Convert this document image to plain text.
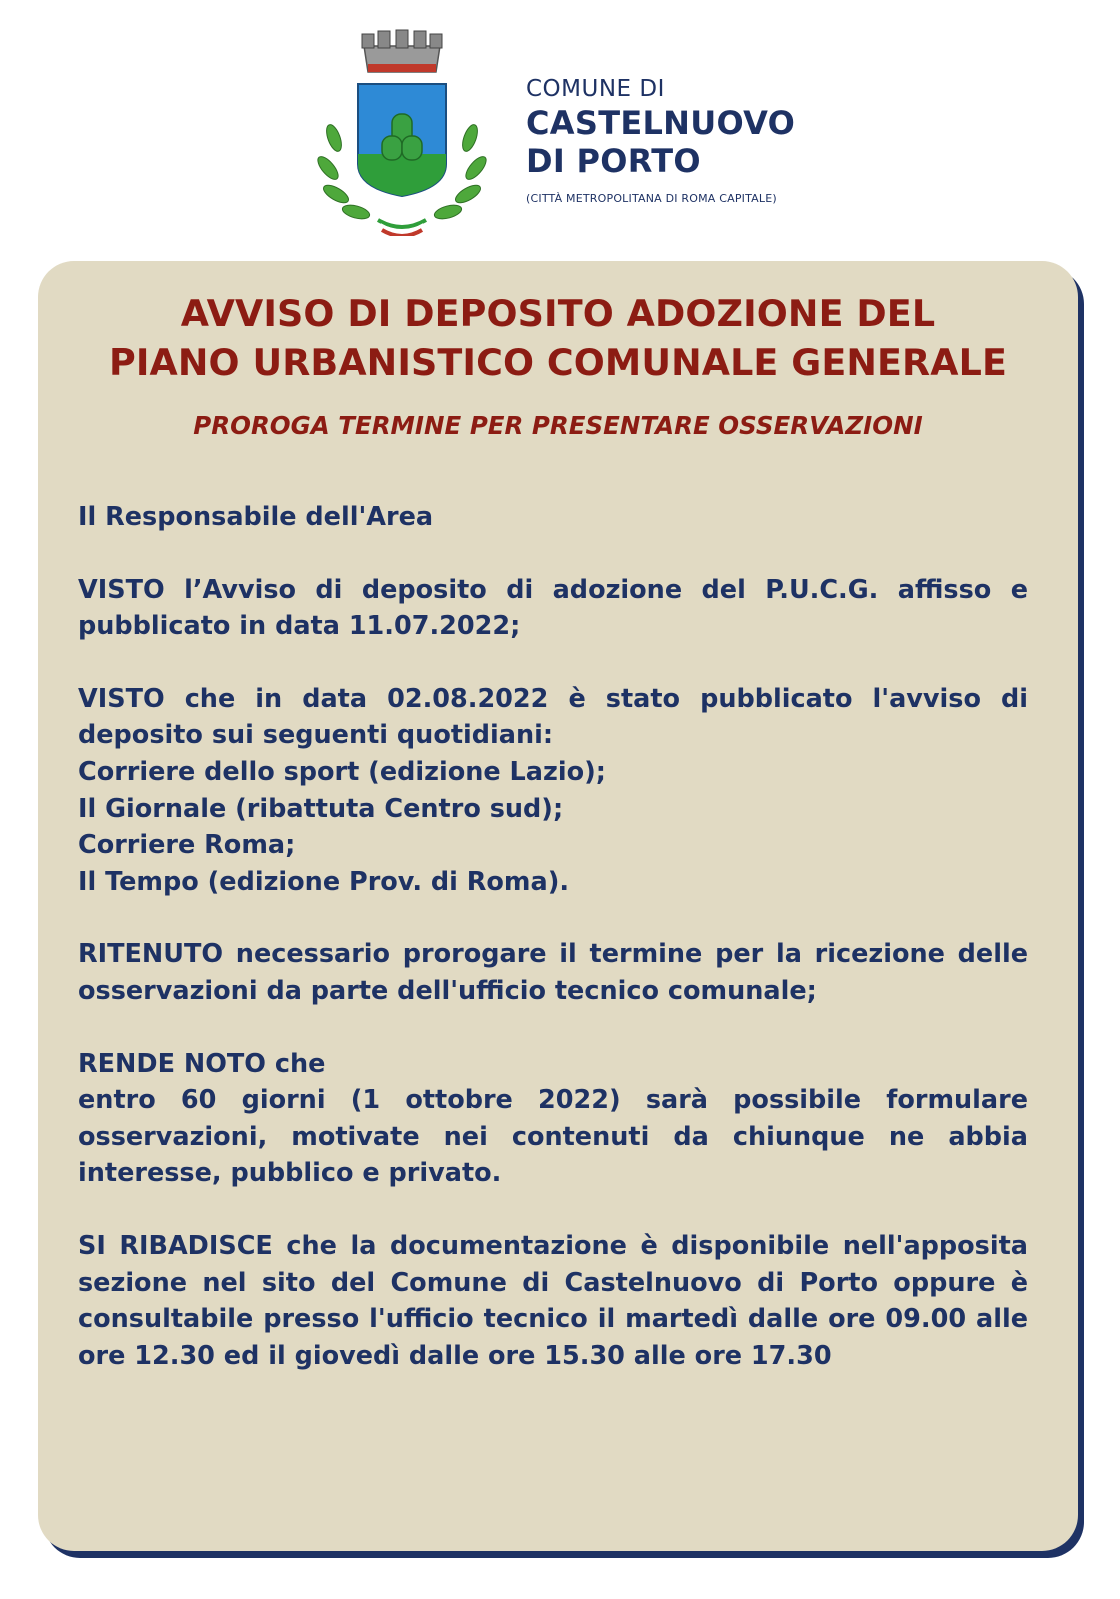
COMUNE DI
CASTELNUOVO
DI PORTO
(CITTÀ METROPOLITANA DI ROMA CAPITALE)
AVVISO DI DEPOSITO ADOZIONE DEL
PIANO URBANISTICO COMUNALE GENERALE
PROROGA TERMINE PER PRESENTARE OSSERVAZIONI

Il Responsabile dell'Area

VISTO l’Avviso di deposito di adozione del P.U.C.G. affisso e pubblicato in data 11.07.2022;

VISTO che in data 02.08.2022 è stato pubblicato l'avviso di deposito sui seguenti quotidiani:
Corriere dello sport (edizione Lazio);
Il Giornale (ribattuta Centro sud);
Corriere Roma;
Il Tempo (edizione Prov. di Roma).

RITENUTO necessario prorogare il termine per la ricezione delle osservazioni da parte dell'ufficio tecnico comunale;

RENDE NOTO che
entro 60 giorni (1 ottobre 2022) sarà possibile formulare osservazioni, motivate nei contenuti da chiunque ne abbia interesse, pubblico e privato.

SI RIBADISCE che la documentazione è disponibile nell'apposita sezione nel sito del Comune di Castelnuovo di Porto oppure è consultabile presso l'ufficio tecnico il martedì dalle ore 09.00 alle ore 12.30 ed il giovedì dalle ore 15.30 alle ore 17.30
